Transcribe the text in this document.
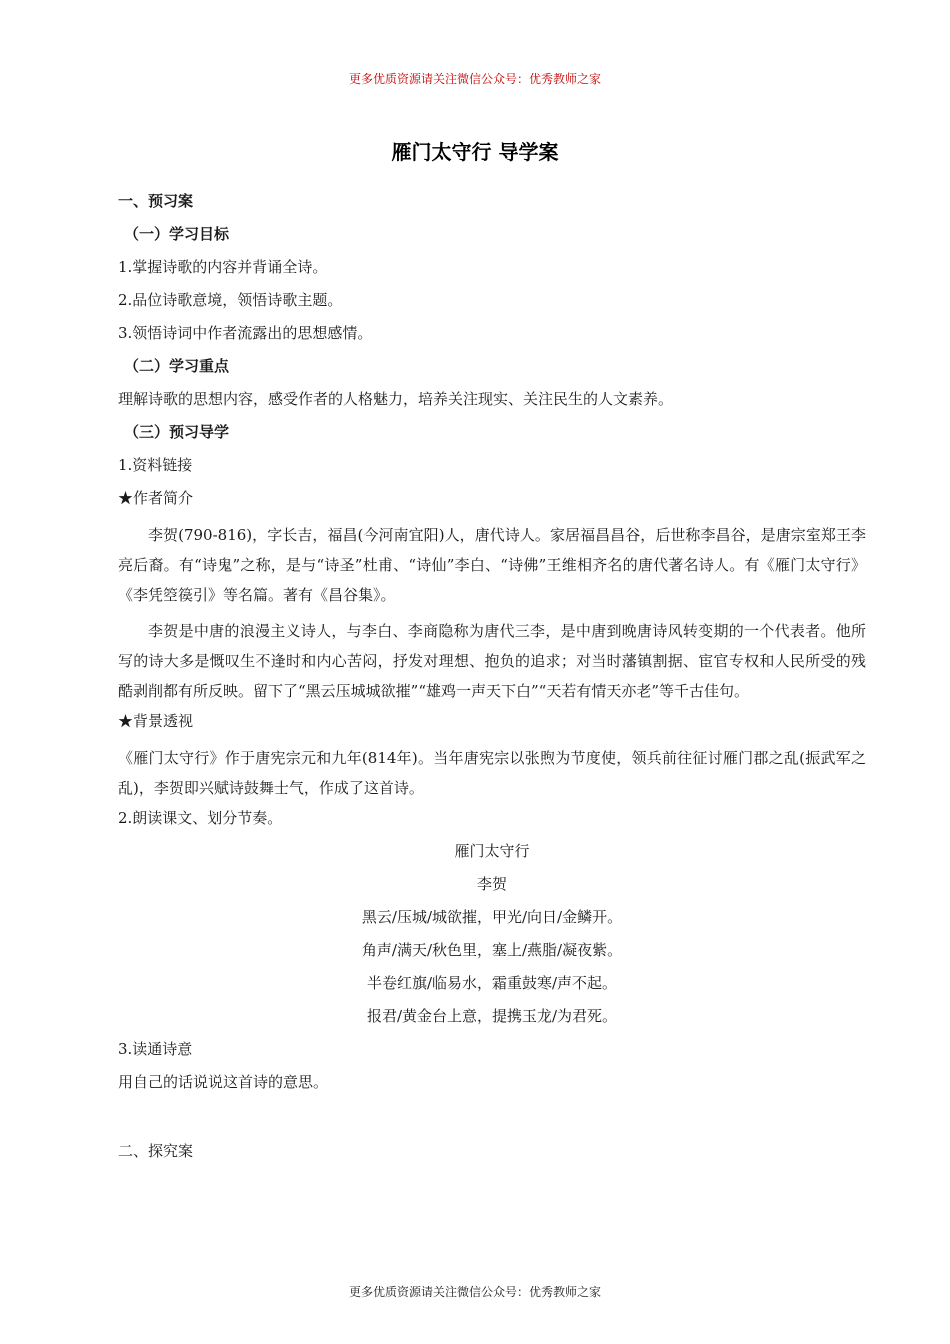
更多优质资源请关注微信公众号：优秀教师之家
雁门太守行 导学案
一、预习案
（一）学习目标
1.掌握诗歌的内容并背诵全诗。
2.品位诗歌意境，领悟诗歌主题。
3.领悟诗词中作者流露出的思想感情。
（二）学习重点
理解诗歌的思想内容，感受作者的人格魅力，培养关注现实、关注民生的人文素养。
（三）预习导学
1.资料链接
★作者简介
李贺(790-816)，字长吉，福昌(今河南宜阳)人，唐代诗人。家居福昌昌谷，后世称李昌谷，是唐宗室郑王李亮后裔。有“诗鬼”之称，是与“诗圣”杜甫、“诗仙”李白、“诗佛”王维相齐名的唐代著名诗人。有《雁门太守行》《李凭箜篌引》等名篇。著有《昌谷集》。
李贺是中唐的浪漫主义诗人，与李白、李商隐称为唐代三李，是中唐到晚唐诗风转变期的一个代表者。他所写的诗大多是慨叹生不逢时和内心苦闷，抒发对理想、抱负的追求；对当时藩镇割据、宦官专权和人民所受的残酷剥削都有所反映。留下了“黑云压城城欲摧”“雄鸡一声天下白”“天若有情天亦老”等千古佳句。
★背景透视
《雁门太守行》作于唐宪宗元和九年(814年)。当年唐宪宗以张煦为节度使，领兵前往征讨雁门郡之乱(振武军之乱)，李贺即兴赋诗鼓舞士气，作成了这首诗。
2.朗读课文、划分节奏。
雁门太守行
李贺
黑云/压城/城欲摧，甲光/向日/金鳞开。
角声/满天/秋色里，塞上/燕脂/凝夜紫。
半卷红旗/临易水，霜重鼓寒/声不起。
报君/黄金台上意，提携玉龙/为君死。
3.读通诗意
用自己的话说说这首诗的意思。
二、探究案
更多优质资源请关注微信公众号：优秀教师之家
